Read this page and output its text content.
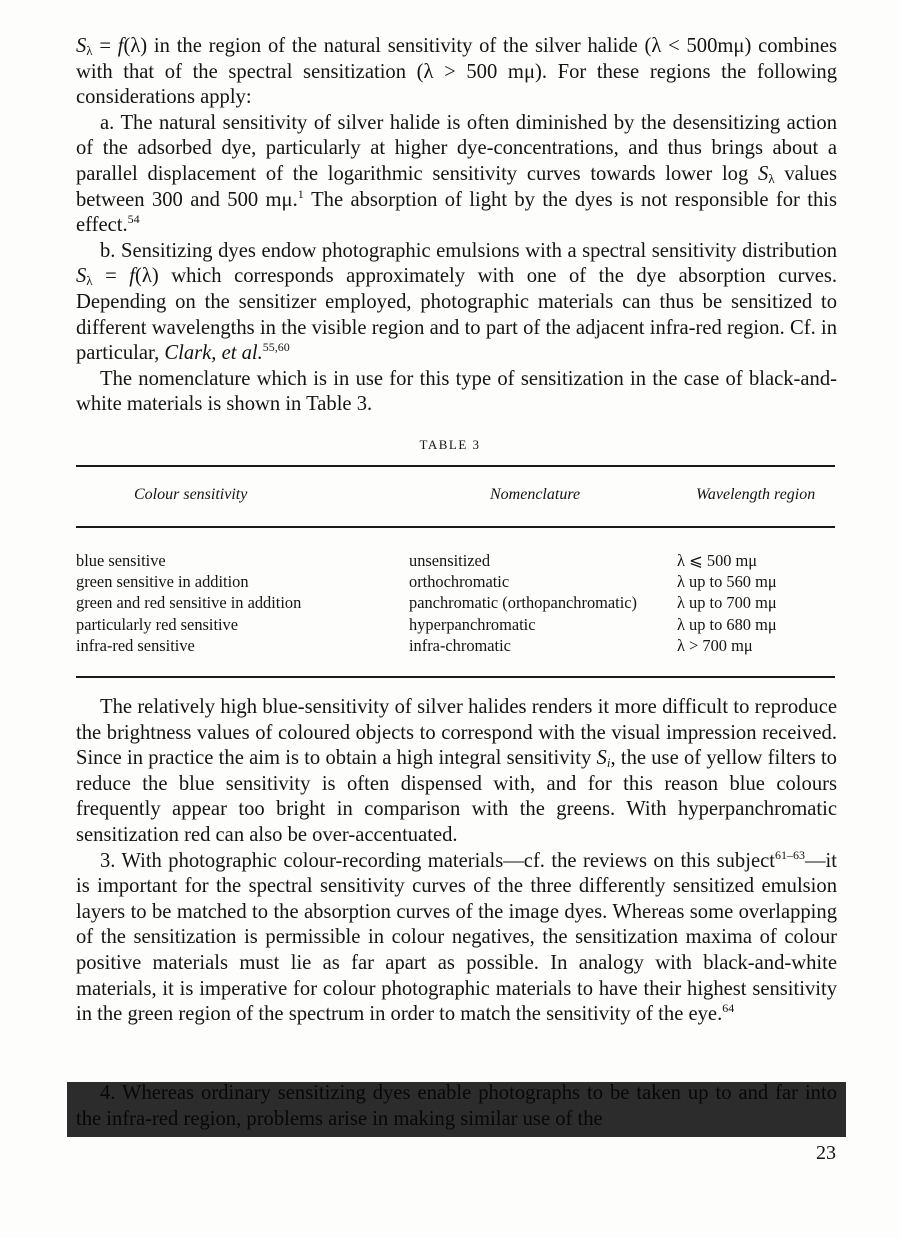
$S_\lambda = f(\lambda)$ in the region of the natural sensitivity of the silver halide (λ < 500mμ) combines with that of the spectral sensitization (λ > 500 mμ). For these regions the following considerations apply:

a. The natural sensitivity of silver halide is often diminished by the desensitizing action of the adsorbed dye, particularly at higher dye-concentrations, and thus brings about a parallel displacement of the logarithmic sensitivity curves towards lower $\log S_\lambda$ values between 300 and 500 mμ.$^1$ The absorption of light by the dyes is not responsible for this effect.$^{54}$

b. Sensitizing dyes endow photographic emulsions with a spectral sensitivity distribution $S_\lambda = f(\lambda)$ which corresponds approximately with one of the dye absorption curves. Depending on the sensitizer employed, photographic materials can thus be sensitized to different wavelengths in the visible region and to part of the adjacent infra-red region. Cf. in particular, Clark, et al.$^{55,60}$

The nomenclature which is in use for this type of sensitization in the case of black-and-white materials is shown in Table 3.

TABLE 3
Colour sensitivity	Nomenclature	Wavelength region
blue sensitive	unsensitized	λ ⩽ 500 mμ
green sensitive in addition	orthochromatic	λ up to 560 mμ
green and red sensitive in addition	panchromatic (orthopanchromatic) λ up to 700 mμ
particularly red sensitive	hyperpanchromatic	λ up to 680 mμ
infra-red sensitive	infra-chromatic	λ > 700 mμ

The relatively high blue-sensitivity of silver halides renders it more difficult to reproduce the brightness values of coloured objects to correspond with the visual impression received. Since in practice the aim is to obtain a high integral sensitivity $S_i$, the use of yellow filters to reduce the blue sensitivity is often dispensed with, and for this reason blue colours frequently appear too bright in comparison with the greens. With hyperpanchromatic sensitization red can also be over-accentuated.

3. With photographic colour-recording materials—cf. the reviews on this subject$^{61-63}$—it is important for the spectral sensitivity curves of the three differently sensitized emulsion layers to be matched to the absorption curves of the image dyes. Whereas some overlapping of the sensitization is permissible in colour negatives, the sensitization maxima of colour positive materials must lie as far apart as possible. In analogy with black-and-white materials, it is imperative for colour photographic materials to have their highest sensitivity in the green region of the spectrum in order to match the sensitivity of the eye.$^{64}$

4. Whereas ordinary sensitizing dyes enable photographs to be taken up to and far into the infra-red region, problems arise in making similar use of the

23
